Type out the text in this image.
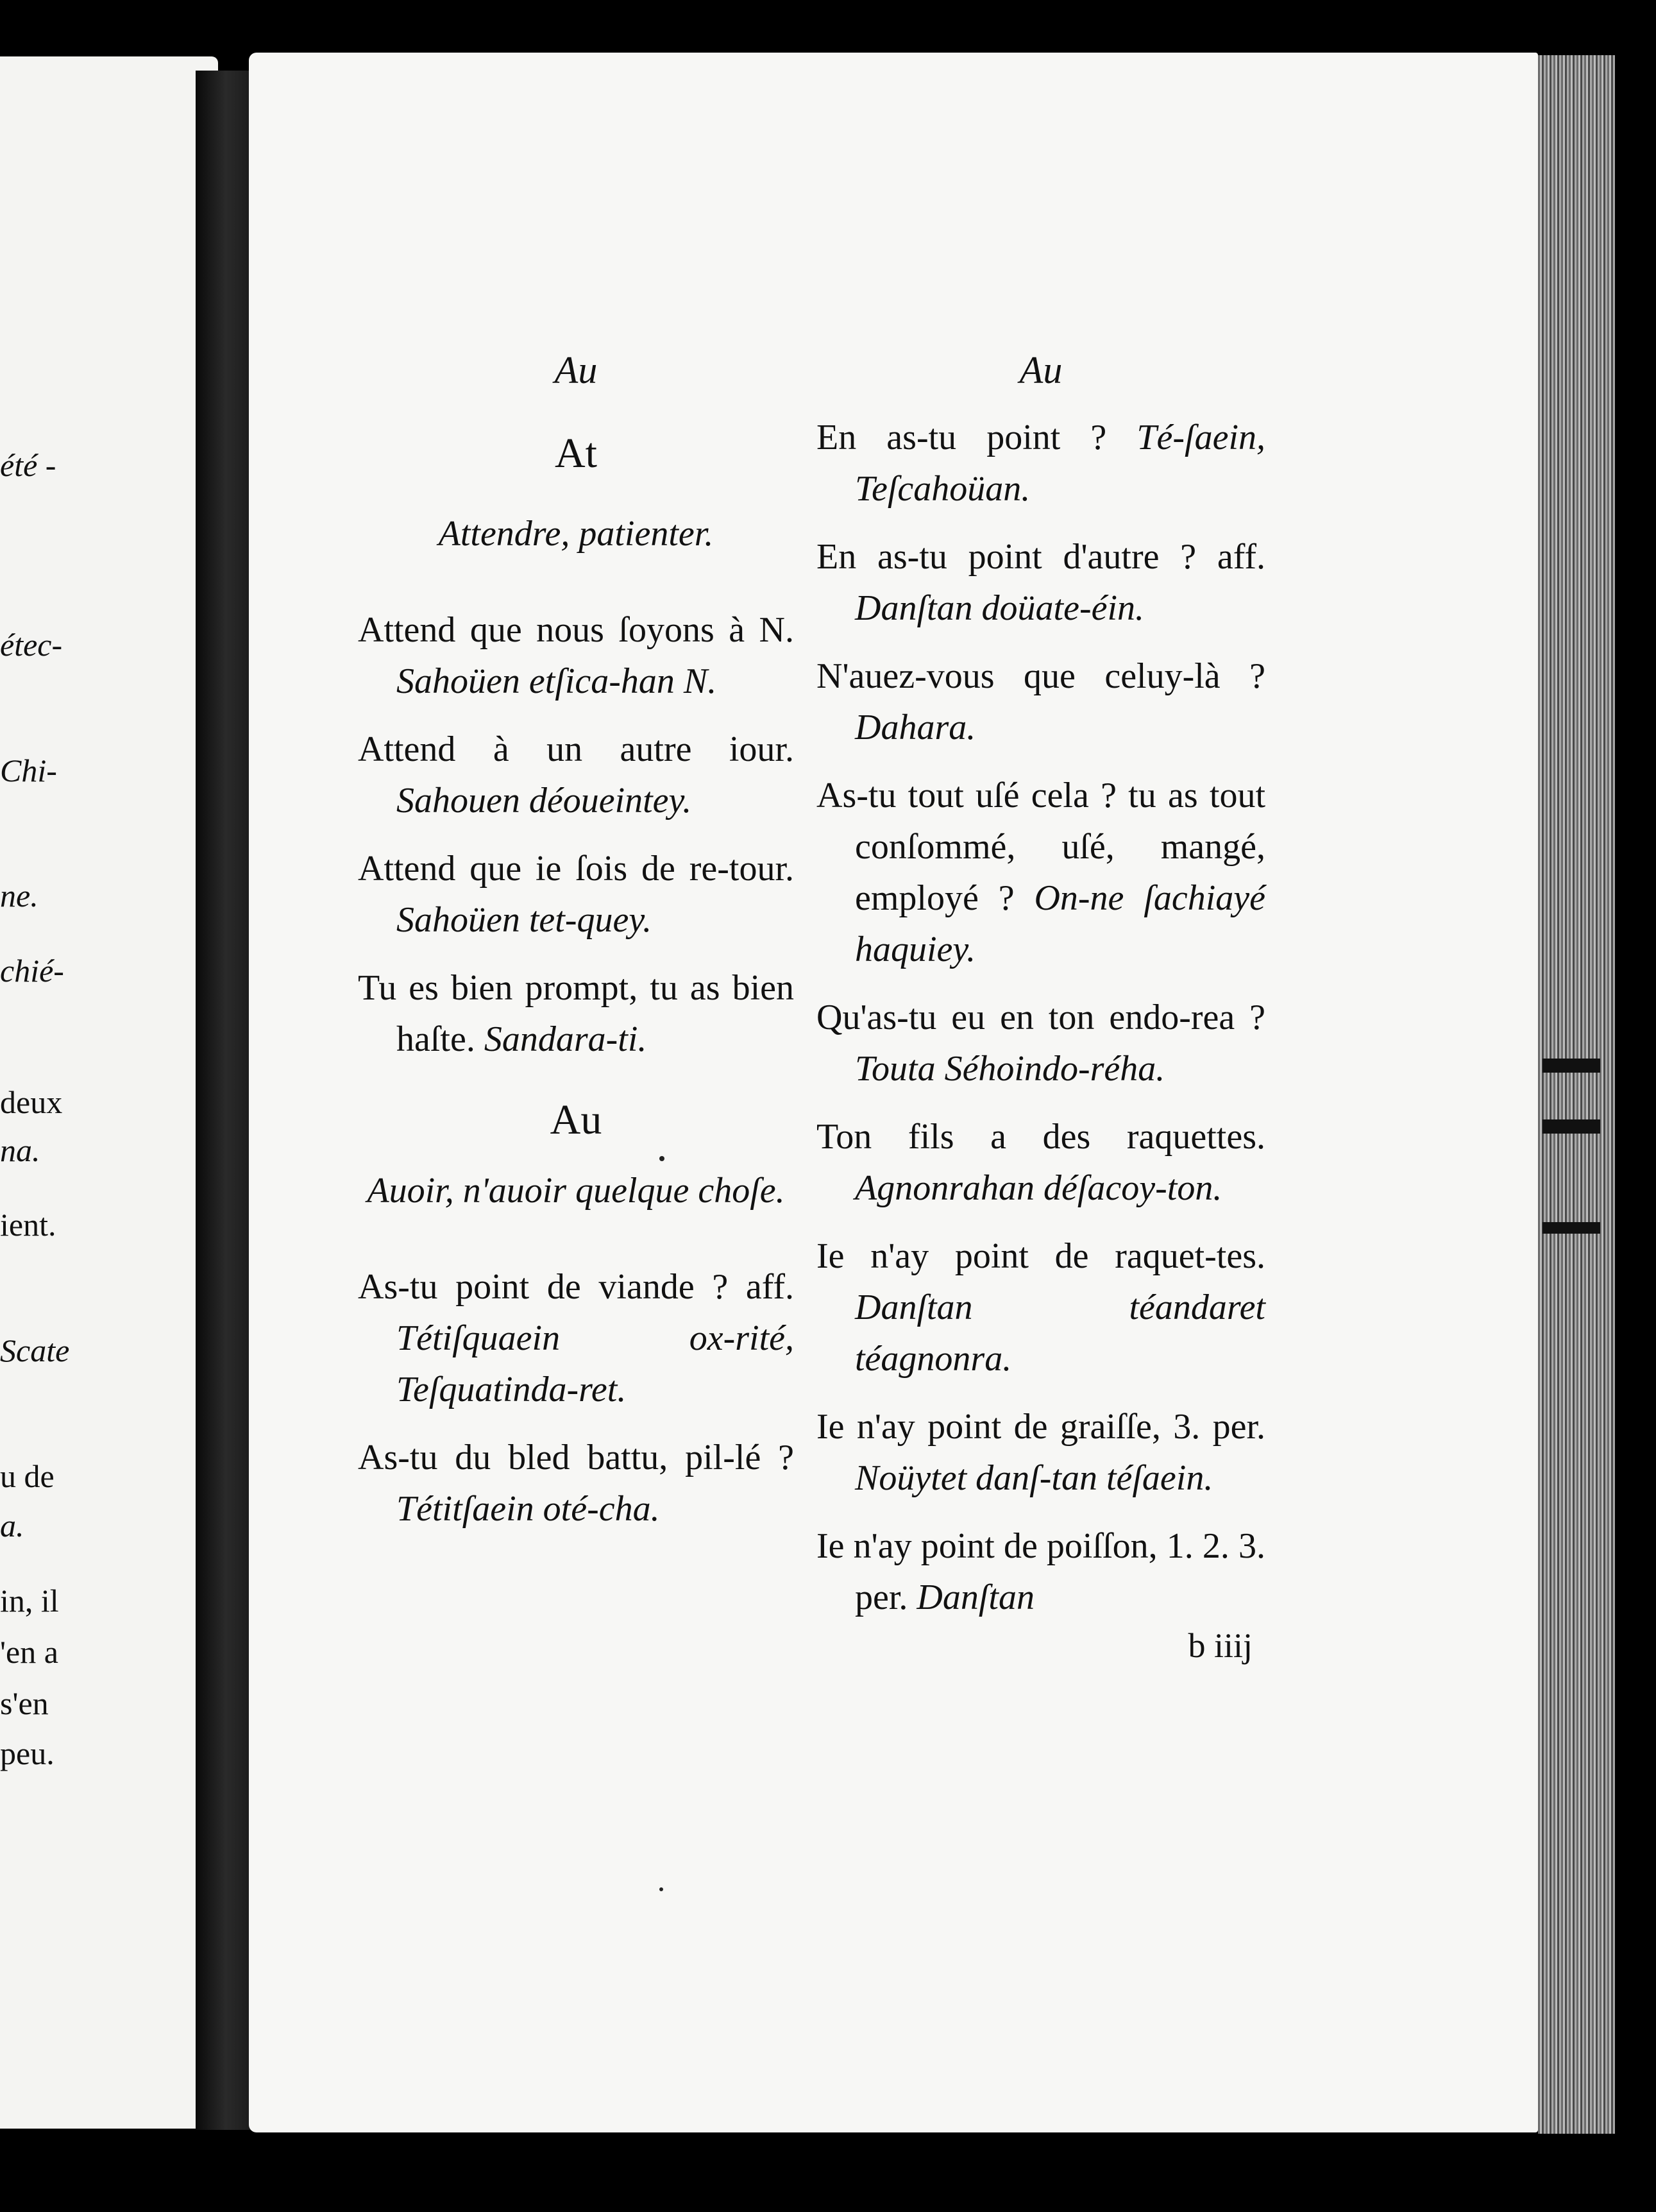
été -
étec-
Chi-
ne.
chié-
deux
na.
ient.
Scate
u de
a.
in, il
'en a
s'en
peu.
Au
At
Attendre, patienter.
Attend que nous ſoyons à N. Sahoüen etſica-han N.
Attend à un autre iour. Sahouen déoueintey.
Attend que ie ſois de re-tour. Sahoüen tet-quey.
Tu es bien prompt, tu as bien haſte. Sandara-ti.
Au
Auoir, n'auoir quelque choſe.
As-tu point de viande ? aff. Tétiſquaein ox-rité, Teſquatinda-ret.
As-tu du bled battu, pil-lé ? Tétitſaein oté-cha.
Au
En as-tu point ? Té-ſaein, Teſcahoüan.
En as-tu point d'autre ? aff. Danſtan doüate-éin.
N'auez-vous que celuy-là ? Dahara.
As-tu tout uſé cela ? tu as tout conſommé, uſé, mangé, employé ? On-ne ſachiayé haquiey.
Qu'as-tu eu en ton endo-rea ? Touta Séhoindo-réha.
Ton fils a des raquettes. Agnonrahan déſacoy-ton.
Ie n'ay point de raquet-tes. Danſtan téandaret téagnonra.
Ie n'ay point de graiſſe, 3. per. Noüytet danſ-tan téſaein.
Ie n'ay point de poiſſon, 1. 2. 3. per. Danſtan
b iiij
